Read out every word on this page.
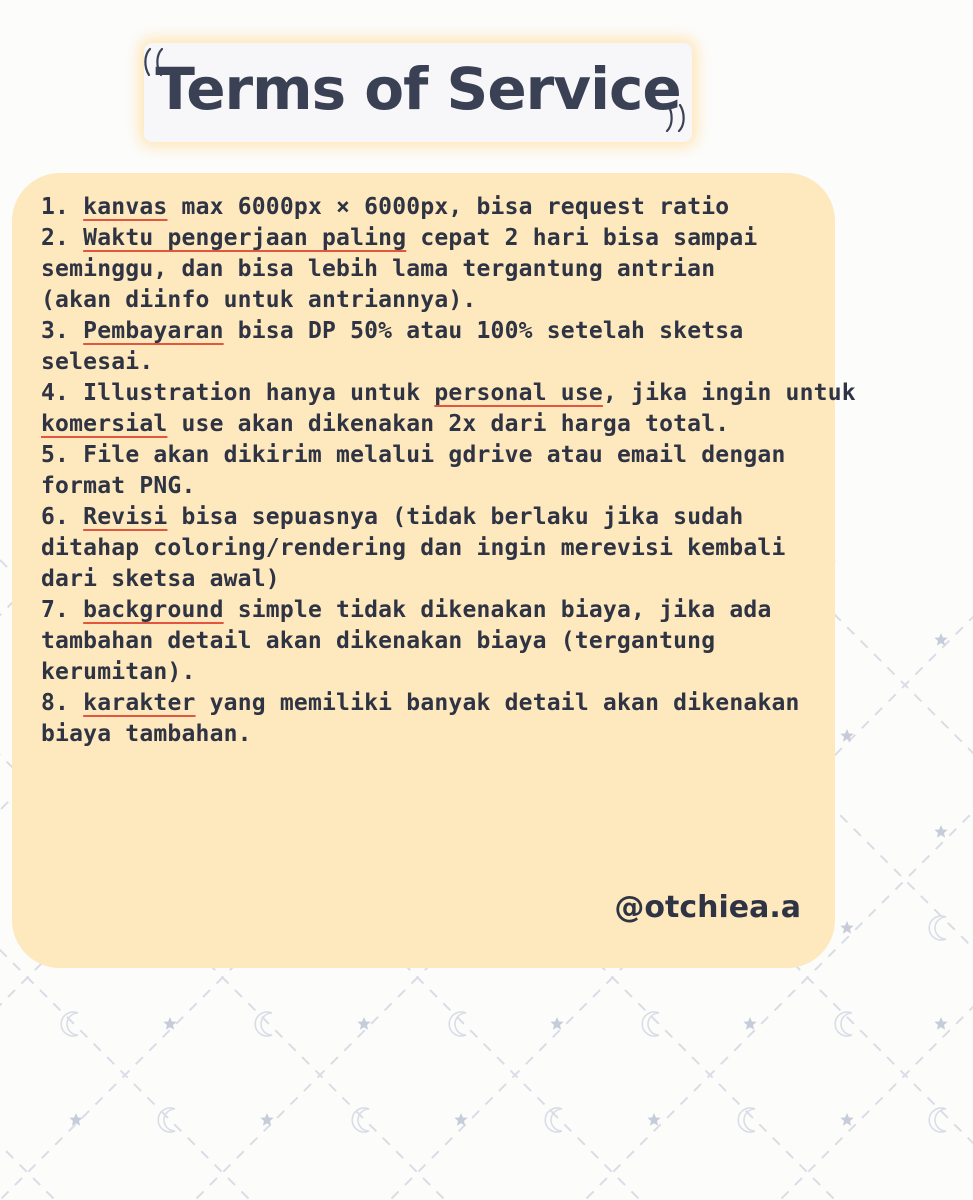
Terms of Service
1. kanvas max 6000px × 6000px, bisa request ratio
2. Waktu pengerjaan paling cepat 2 hari bisa sampai
seminggu, dan bisa lebih lama tergantung antrian
(akan diinfo untuk antriannya).
3. Pembayaran bisa DP 50% atau 100% setelah sketsa
selesai.
4. Illustration hanya untuk personal use, jika ingin untuk
komersial use akan dikenakan 2x dari harga total.
5. File akan dikirim melalui gdrive atau email dengan
format PNG.
6. Revisi bisa sepuasnya (tidak berlaku jika sudah
ditahap coloring/rendering dan ingin merevisi kembali
dari sketsa awal)
7. background simple tidak dikenakan biaya, jika ada
tambahan detail akan dikenakan biaya (tergantung
kerumitan).
8. karakter yang memiliki banyak detail akan dikenakan
biaya tambahan.
@otchiea.a
